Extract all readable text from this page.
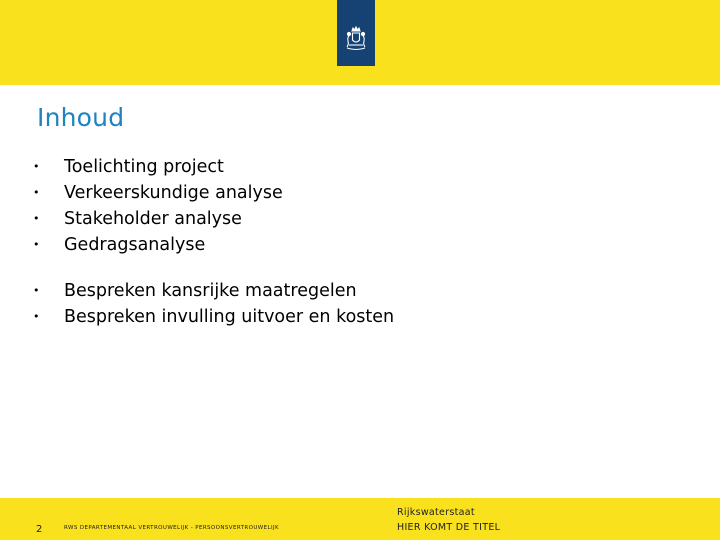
Inhoud
• Toelichting project
• Verkeerskundige analyse
• Stakeholder analyse
• Gedragsanalyse
• Bespreken kansrijke maatregelen
• Bespreken invulling uitvoer en kosten
2	RWS DEPARTEMENTAAL VERTROUWELIJK - PERSOONSVERTROUWELIJK
Rijkswaterstaat
HIER KOMT DE TITEL
